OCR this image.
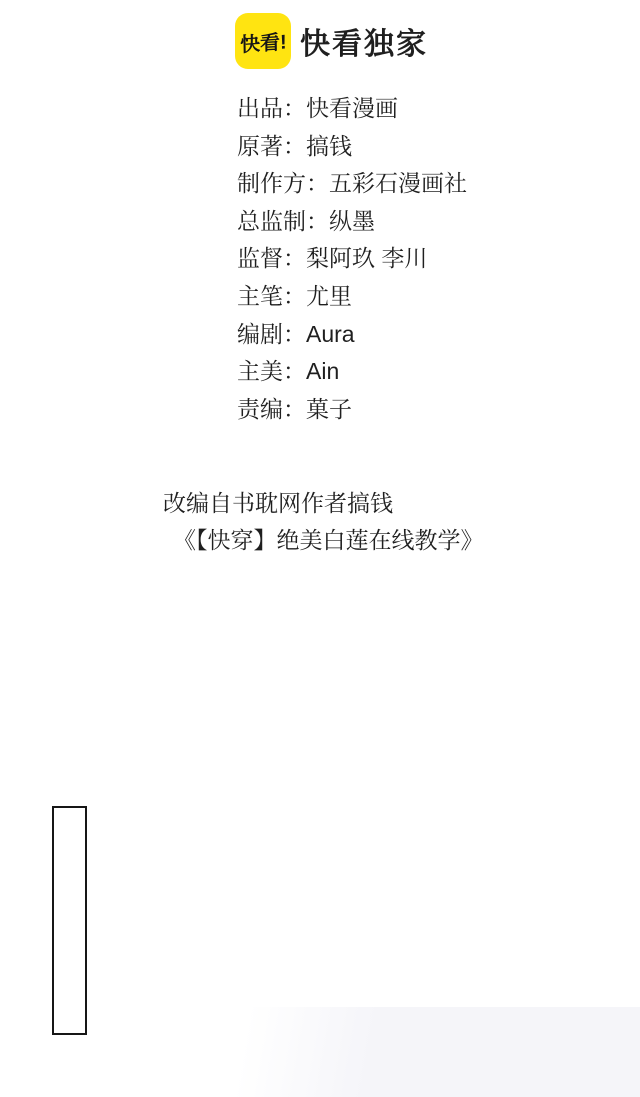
快看! 快看独家
出品：快看漫画
原著：搞钱
制作方：五彩石漫画社
总监制：纵墨
监督：梨阿玖 李川
主笔：尤里
编剧：Aura
主美：Ain
责编：菓子
改编自书耽网作者搞钱
《【快穿】绝美白莲在线教学》
